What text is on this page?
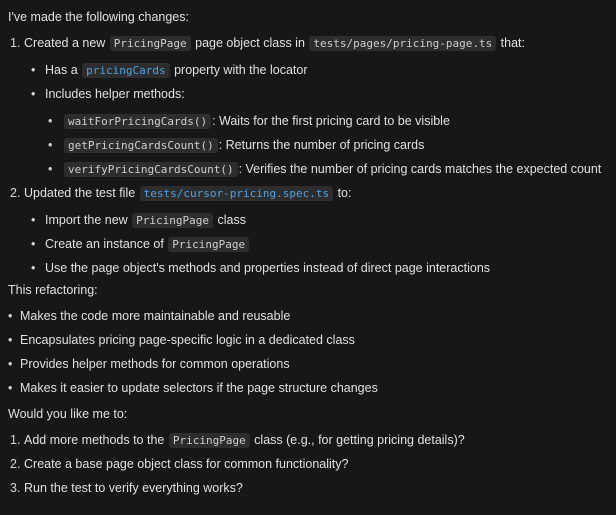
I've made the following changes:
1. Created a new PricingPage page object class in tests/pages/pricing-page.ts that:
• Has a pricingCards property with the locator
• Includes helper methods:
•	waitForPricingCards() : Waits for the first pricing card to be visible
•	getPricingCardsCount() : Returns the number of pricing cards
•	verifyPricingCardsCount() : Verifies the number of pricing cards matches the expected count
2. Updated the test file tests/cursor-pricing.spec.ts to:
• Import the new PricingPage class
• Create an instance of PricingPage
• Use the page object's methods and properties instead of direct page interactions
This refactoring:
• Makes the code more maintainable and reusable
• Encapsulates pricing page-specific logic in a dedicated class
• Provides helper methods for common operations
• Makes it easier to update selectors if the page structure changes
Would you like me to:
1. Add more methods to the PricingPage class (e.g., for getting pricing details)?
2. Create a base page object class for common functionality?
3. Run the test to verify everything works?
